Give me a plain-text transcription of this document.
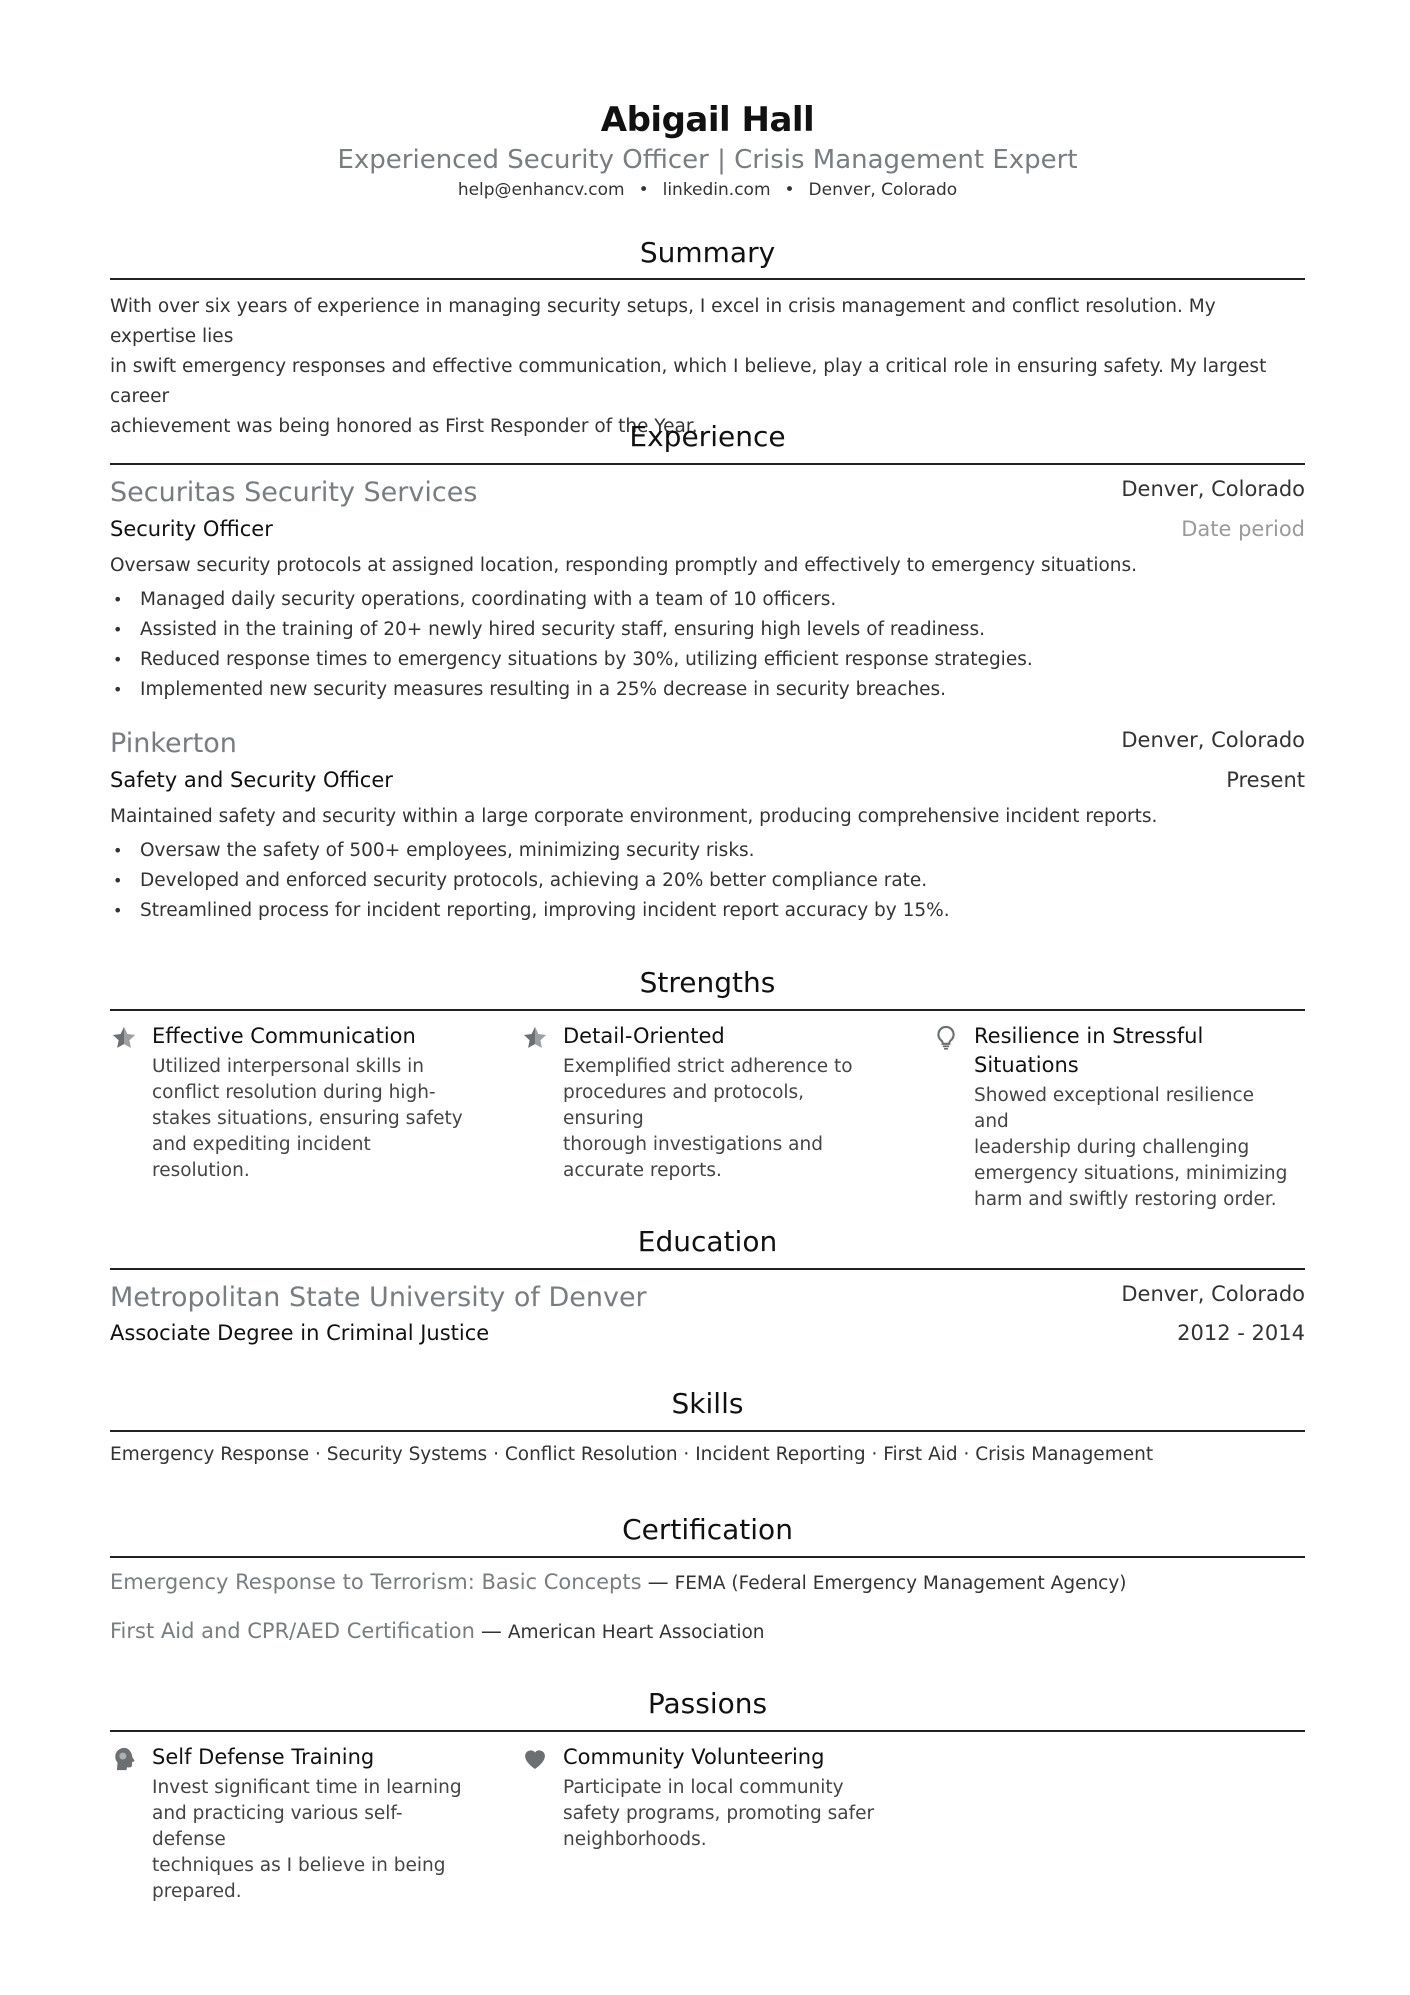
Abigail Hall
Experienced Security Officer | Crisis Management Expert
help@enhancv.com • linkedin.com • Denver, Colorado
Summary
With over six years of experience in managing security setups, I excel in crisis management and conflict resolution. My expertise lies
in swift emergency responses and effective communication, which I believe, play a critical role in ensuring safety. My largest career
achievement was being honored as First Responder of the Year.
Experience
Securitas Security Services	Denver, Colorado
Security Officer	Date period
Oversaw security protocols at assigned location, responding promptly and effectively to emergency situations.
• Managed daily security operations, coordinating with a team of 10 officers.
• Assisted in the training of 20+ newly hired security staff, ensuring high levels of readiness.
• Reduced response times to emergency situations by 30%, utilizing efficient response strategies.
• Implemented new security measures resulting in a 25% decrease in security breaches.
Pinkerton	Denver, Colorado
Safety and Security Officer	Present
Maintained safety and security within a large corporate environment, producing comprehensive incident reports.
• Oversaw the safety of 500+ employees, minimizing security risks.
• Developed and enforced security protocols, achieving a 20% better compliance rate.
• Streamlined process for incident reporting, improving incident report accuracy by 15%.
Strengths
Effective Communication
Utilized interpersonal skills in
conflict resolution during high-
stakes situations, ensuring safety
and expediting incident resolution.
Detail-Oriented
Exemplified strict adherence to
procedures and protocols, ensuring
thorough investigations and
accurate reports.
Resilience in Stressful
Situations
Showed exceptional resilience and
leadership during challenging
emergency situations, minimizing
harm and swiftly restoring order.
Education
Metropolitan State University of Denver	Denver, Colorado
Associate Degree in Criminal Justice	2012 - 2014
Skills
Emergency Response · Security Systems · Conflict Resolution · Incident Reporting · First Aid · Crisis Management
Certification
Emergency Response to Terrorism: Basic Concepts — FEMA (Federal Emergency Management Agency)
First Aid and CPR/AED Certification — American Heart Association
Passions
Self Defense Training
Invest significant time in learning
and practicing various self-defense
techniques as I believe in being
prepared.
Community Volunteering
Participate in local community
safety programs, promoting safer
neighborhoods.
